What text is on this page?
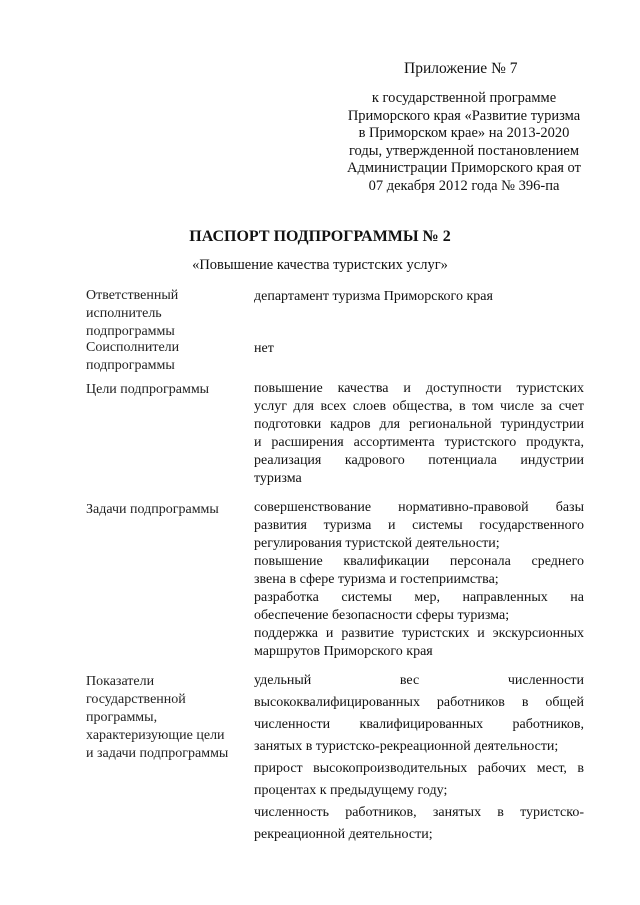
Приложение № 7
к государственной программе
Приморского края «Развитие туризма
в Приморском крае» на 2013-2020
годы, утвержденной постановлением
Администрации Приморского края от
07 декабря 2012 года № 396-па
ПАСПОРТ ПОДПРОГРАММЫ № 2
«Повышение качества туристских услуг»
Ответственный
исполнитель
подпрограммы
департамент туризма Приморского края
Соисполнители
подпрограммы
нет
Цели подпрограммы	повышение качества и доступности туристских
услуг для всех слоев общества, в том числе за счет
подготовки кадров для региональной туриндустрии
и расширения ассортимента туристского продукта,
реализация кадрового потенциала индустрии
туризма
Задачи подпрограммы	совершенствование нормативно-правовой базы
развития туризма и системы государственного
регулирования туристской деятельности;
повышение квалификации персонала среднего
звена в сфере туризма и гостеприимства;
разработка системы мер, направленных на
обеспечение безопасности сферы туризма;
поддержка и развитие туристских и экскурсионных
маршрутов Приморского края
Показатели
государственной
программы,
характеризующие цели
и задачи подпрограммы
удельный вес численности
высококвалифицированных работников в общей
численности квалифицированных работников,
занятых в туристско-рекреационной деятельности;
прирост высокопроизводительных рабочих мест, в
процентах к предыдущему году;
численность работников, занятых в туристско-
рекреационной деятельности;
